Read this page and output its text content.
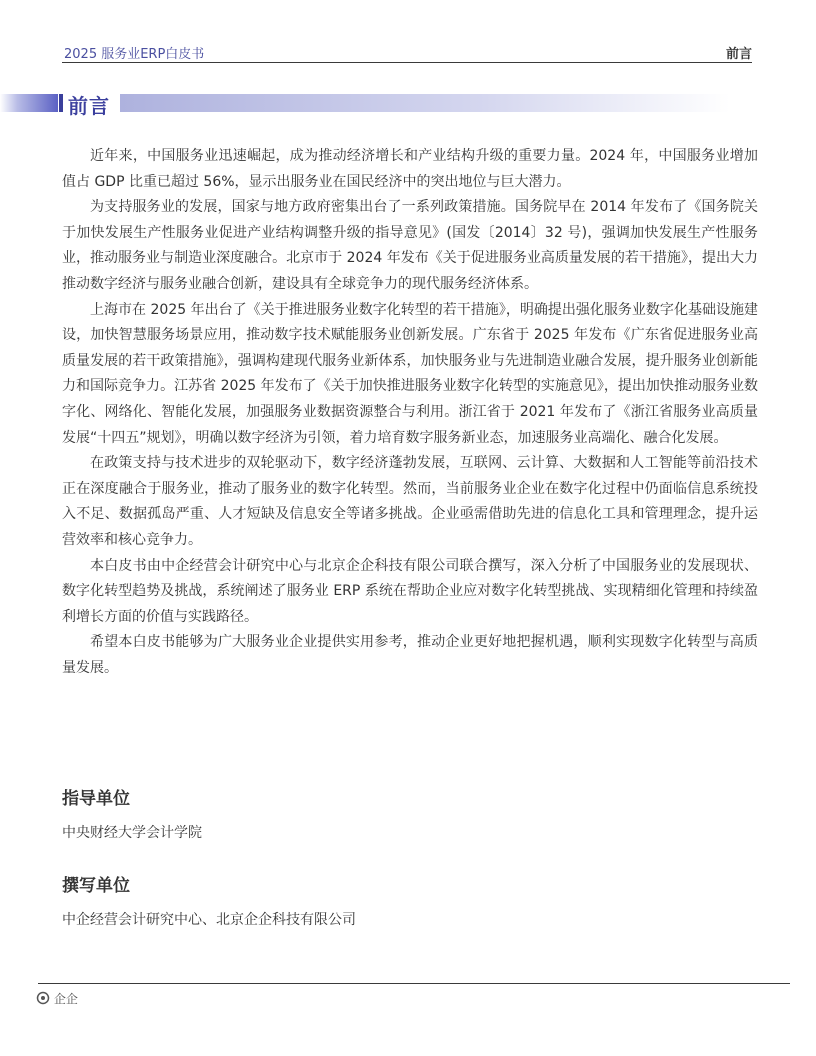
2025 服务业ERP白皮书	前言
前言

近年来，中国服务业迅速崛起，成为推动经济增长和产业结构升级的重要力量。2024 年，中国服务业增加值占 GDP 比重已超过 56%，显示出服务业在国民经济中的突出地位与巨大潜力。

为支持服务业的发展，国家与地方政府密集出台了一系列政策措施。国务院早在 2014 年发布了《国务院关于加快发展生产性服务业促进产业结构调整升级的指导意见》(国发〔2014〕32 号)，强调加快发展生产性服务业，推动服务业与制造业深度融合。北京市于 2024 年发布《关于促进服务业高质量发展的若干措施》，提出大力推动数字经济与服务业融合创新，建设具有全球竞争力的现代服务经济体系。

上海市在 2025 年出台了《关于推进服务业数字化转型的若干措施》，明确提出强化服务业数字化基础设施建设，加快智慧服务场景应用，推动数字技术赋能服务业创新发展。广东省于 2025 年发布《广东省促进服务业高质量发展的若干政策措施》，强调构建现代服务业新体系，加快服务业与先进制造业融合发展，提升服务业创新能力和国际竞争力。江苏省 2025 年发布了《关于加快推进服务业数字化转型的实施意见》，提出加快推动服务业数字化、网络化、智能化发展，加强服务业数据资源整合与利用。浙江省于 2021 年发布了《浙江省服务业高质量发展“十四五”规划》，明确以数字经济为引领，着力培育数字服务新业态，加速服务业高端化、融合化发展。

在政策支持与技术进步的双轮驱动下，数字经济蓬勃发展，互联网、云计算、大数据和人工智能等前沿技术正在深度融合于服务业，推动了服务业的数字化转型。然而，当前服务业企业在数字化过程中仍面临信息系统投入不足、数据孤岛严重、人才短缺及信息安全等诸多挑战。企业亟需借助先进的信息化工具和管理理念，提升运营效率和核心竞争力。

本白皮书由中企经营会计研究中心与北京企企科技有限公司联合撰写，深入分析了中国服务业的发展现状、数字化转型趋势及挑战，系统阐述了服务业 ERP 系统在帮助企业应对数字化转型挑战、实现精细化管理和持续盈利增长方面的价值与实践路径。

希望本白皮书能够为广大服务业企业提供实用参考，推动企业更好地把握机遇，顺利实现数字化转型与高质量发展。

指导单位
中央财经大学会计学院
撰写单位
中企经营会计研究中心、北京企企科技有限公司
企企
